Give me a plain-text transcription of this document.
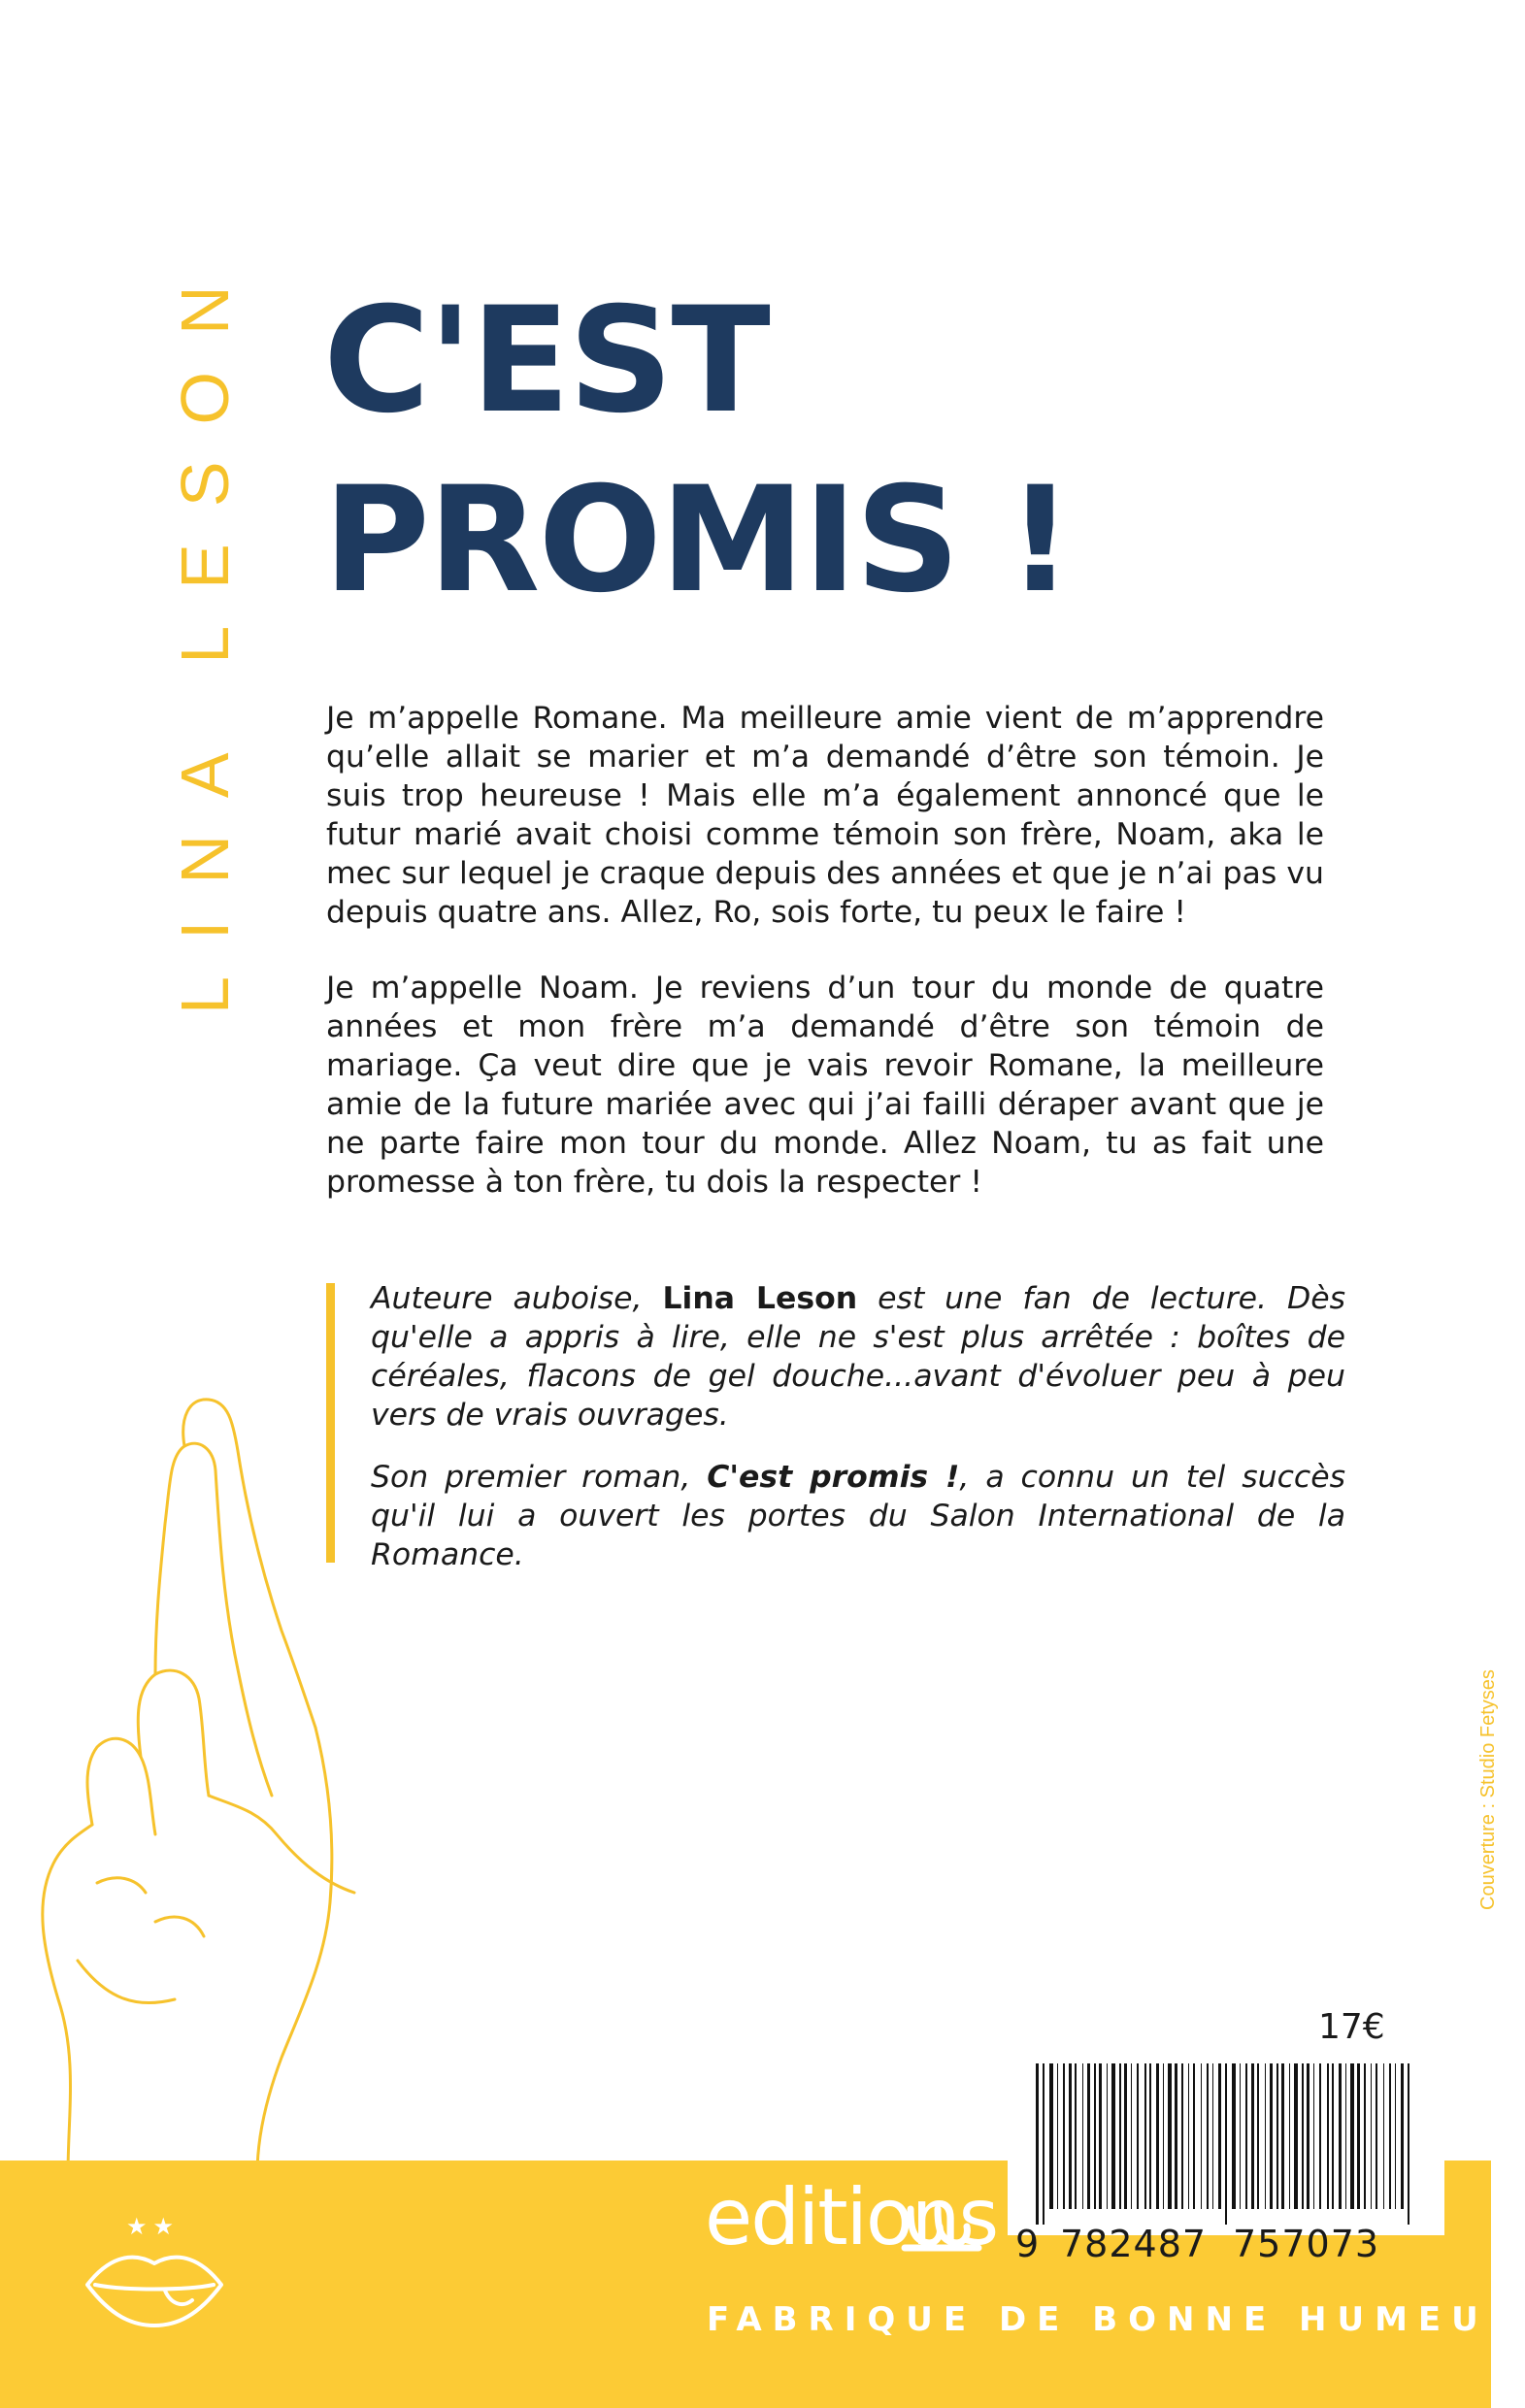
LINA LESON C'EST
PROMIS !

Je m’appelle Romane. Ma meilleure amie vient de m’apprendre qu’elle allait se marier et m’a demandé d’être son témoin. Je suis trop heureuse ! Mais elle m’a également annoncé que le futur marié avait choisi comme témoin son frère, Noam, aka le mec sur lequel je craque depuis des années et que je n’ai pas vu depuis quatre ans. Allez, Ro, sois forte, tu peux le faire !

Je m’appelle Noam. Je reviens d’un tour du monde de quatre années et mon frère m’a demandé d’être son témoin de mariage. Ça veut dire que je vais revoir Romane, la meilleure amie de la future mariée avec qui j’ai failli déraper avant que je ne parte faire mon tour du monde. Allez Noam, tu as fait une promesse à ton frère, tu dois la respecter !

Auteure auboise, Lina Leson est une fan de lecture. Dès qu'elle a appris à lire, elle ne s'est plus arrêtée : boîtes de céréales, flacons de gel douche...avant d'évoluer peu à peu vers de vrais ouvrages.

Son premier roman, C'est promis !, a connu un tel succès qu'il lui a ouvert les portes du Salon International de la Romance.

Couverture : Studio Fetyses
★★	editions
FABRIQUE DE BONNE HUMEUR
17€
9 782487 757073
